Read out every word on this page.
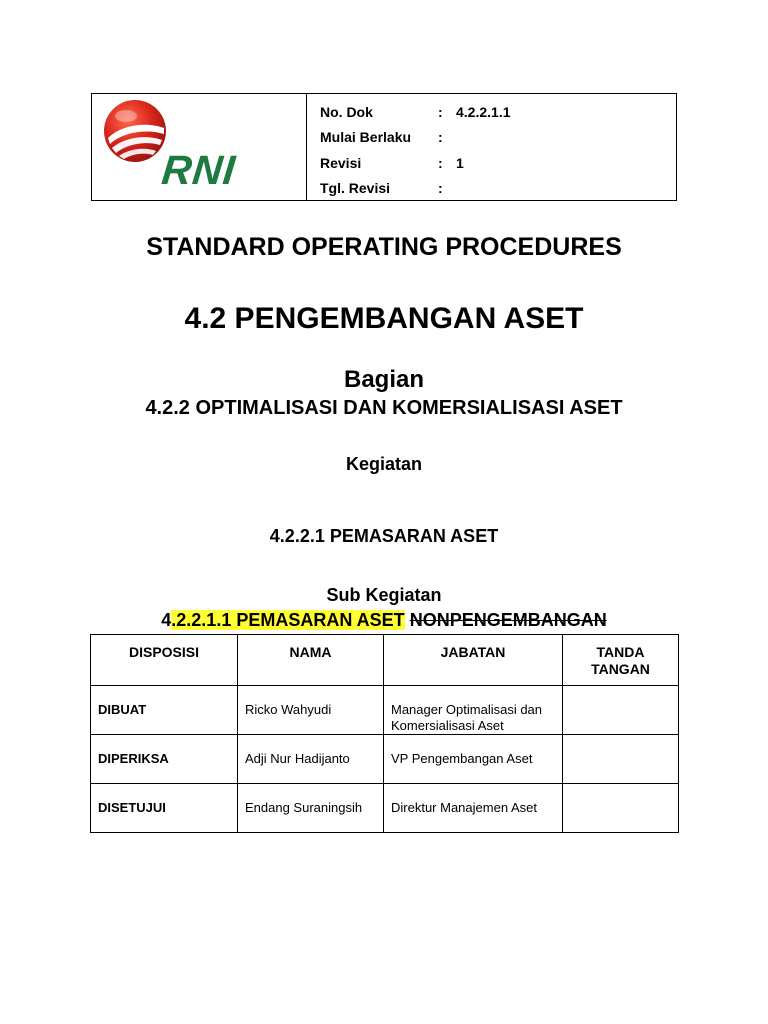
RNI
No. Dok	: 4.2.2.1.1
Mulai Berlaku	:
Revisi	: 1
Tgl. Revisi	:
STANDARD OPERATING PROCEDURES
4.2 PENGEMBANGAN ASET
Bagian
4.2.2 OPTIMALISASI DAN KOMERSIALISASI ASET
Kegiatan
4.2.2.1 PEMASARAN ASET
Sub Kegiatan
4.2.2.1.1 PEMASARAN ASET NONPENGEMBANGAN
DISPOSISI	NAMA	JABATAN	TANDA TANGAN
DIBUAT	Ricko Wahyudi	Manager Optimalisasi dan Komersialisasi Aset	
DIPERIKSA	Adji Nur Hadijanto	VP Pengembangan Aset	
DISETUJUI	Endang Suraningsih	Direktur Manajemen Aset	
